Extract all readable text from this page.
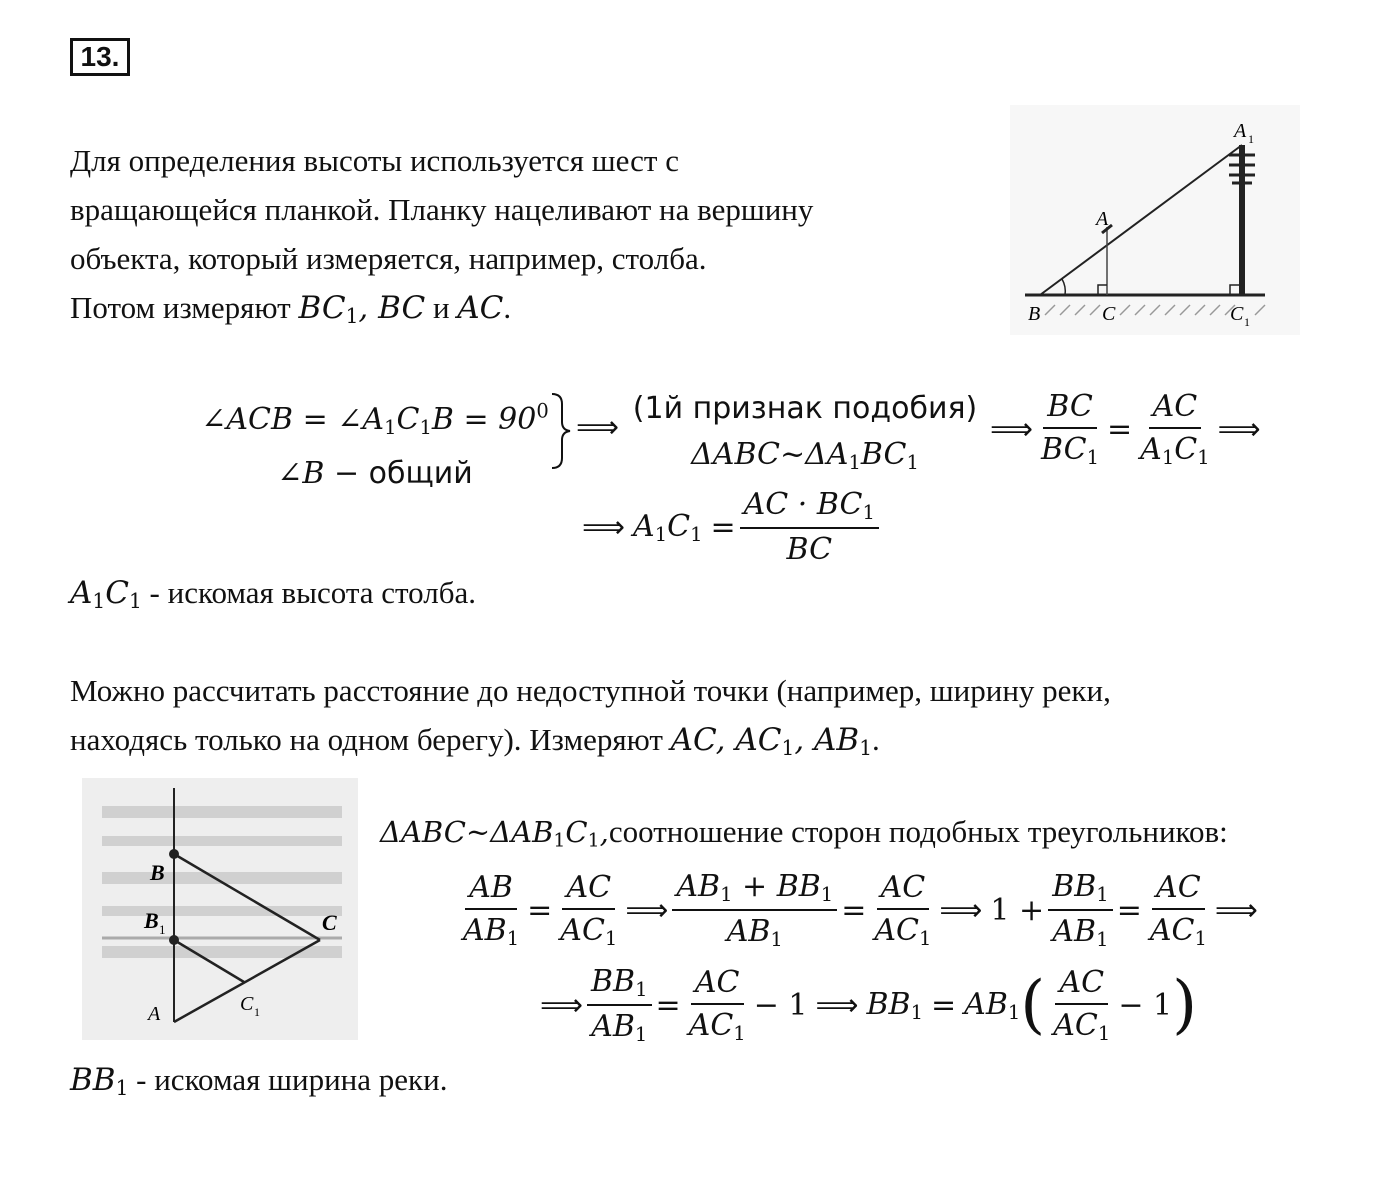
13.
Для определения высоты используется шест с
вращающейся планкой. Планку нацеливают на вершину
объекта, который измеряется, например, столба.
Потом измеряют $BC_1$, BC и AC.
A 1
A
B	C	C 1
∠ACB = $\angle A_1C_1B = 90^0$
∠B − общий
⟹
(1й признак подобия)
$\Delta ABC\sim\Delta A_1BC_1$
⟹ $\frac{BC}{BC_1} = \frac{AC}{A_1C_1}$ ⟹
⟹ $A_1C_1 = \frac{AC \cdot BC_1}{BC}$
$A_1C_1$ - искомая высота столба.
Можно рассчитать расстояние до недоступной точки (например, ширину реки,
находясь только на одном берегу). Измеряют AC, $AC_1$, $AB_1$.
B
B 1	C
C 1
A
$\Delta ABC\sim\Delta AB_1C_1,соотношение$ сторон подобных треугольников:
$\frac{AB}{AB_1} = \frac{AC}{AC_1}$ ⟹ $\frac{AB_1 + BB_1}{AB_1} = \frac{AC}{AC_1}$ ⟹ $1 + \frac{BB_1}{AB_1} = \frac{AC}{AC_1}$ ⟹
⟹ $\frac{BB_1}{AB_1} = \frac{AC}{AC_1} - 1$ ⟹ $BB_1 = AB_1$ ( $\frac{AC}{AC_1} - 1$ )
$BB_1$ - искомая ширина реки.
